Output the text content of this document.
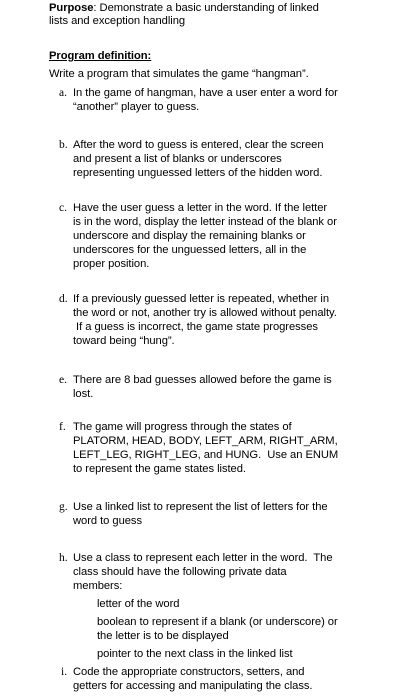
Purpose: Demonstrate a basic understanding of linked
lists and exception handling
Program definition:
Write a program that simulates the game “hangman”.
a. In the game of hangman, have a user enter a word for
“another” player to guess.
b. After the word to guess is entered, clear the screen
and present a list of blanks or underscores
representing unguessed letters of the hidden word.
c. Have the user guess a letter in the word. If the letter
is in the word, display the letter instead of the blank or
underscore and display the remaining blanks or
underscores for the unguessed letters, all in the
proper position.
d. If a previously guessed letter is repeated, whether in
the word or not, another try is allowed without penalty.
If a guess is incorrect, the game state progresses
toward being “hung”.
e. There are 8 bad guesses allowed before the game is
lost.
f. The game will progress through the states of
PLATORM, HEAD, BODY, LEFT_ARM, RIGHT_ARM,
LEFT_LEG, RIGHT_LEG, and HUNG.  Use an ENUM
to represent the game states listed.
g. Use a linked list to represent the list of letters for the
word to guess
h. Use a class to represent each letter in the word.  The
class should have the following private data
members:
letter of the word
boolean to represent if a blank (or underscore) or
the letter is to be displayed
pointer to the next class in the linked list
i. Code the appropriate constructors, setters, and
getters for accessing and manipulating the class.
